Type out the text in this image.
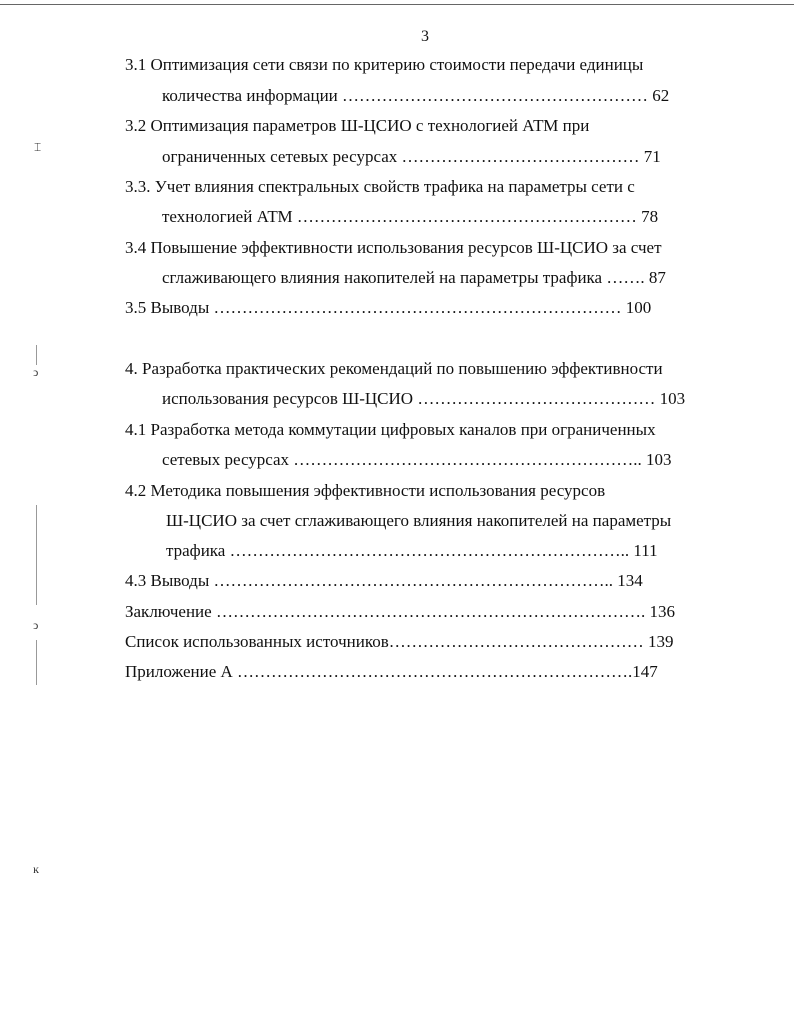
3
3.1 Оптимизация сети связи по критерию стоимости передачи единицы
количества информации ……………………………………………… 62
3.2 Оптимизация параметров Ш-ЦСИО с технологией АТМ при
ограниченных сетевых ресурсах …………………………………… 71
3.3. Учет влияния спектральных свойств трафика на параметры сети с
технологией АТМ …………………………………………………… 78
3.4 Повышение эффективности использования ресурсов Ш-ЦСИО за счет
сглаживающего влияния накопителей на параметры трафика ……. 87
3.5 Выводы ……………………………………………………………… 100
4. Разработка практических рекомендаций по повышению эффективности
использования ресурсов Ш-ЦСИО …………………………………… 103
4.1 Разработка метода коммутации цифровых каналов при ограниченных
сетевых ресурсах …………………………………………………….. 103
4.2 Методика повышения эффективности использования ресурсов
Ш-ЦСИО за счет сглаживающего влияния накопителей на параметры
трафика …………………………………………………………….. 111
4.3 Выводы …………………………………………………………….. 134
Заключение …………………………………………………………………. 136
Список использованных источников……………………………………… 139
Приложение А …………………………………………………………….147
⌶
ↄ
ↄ
ĸ
